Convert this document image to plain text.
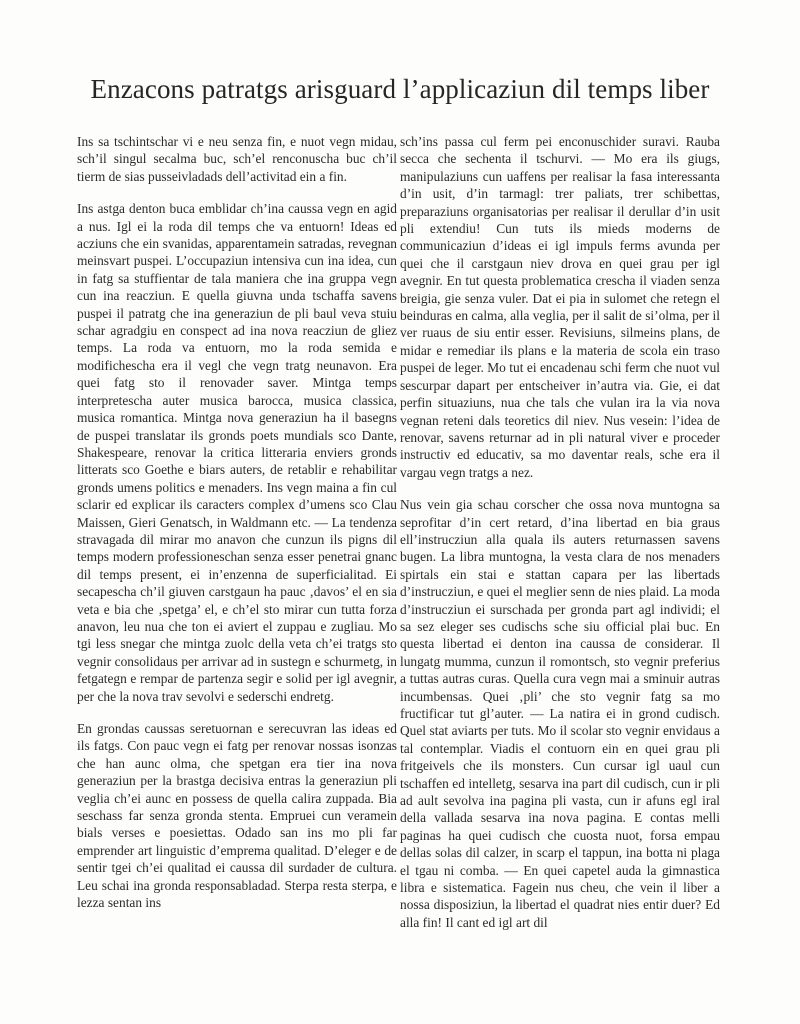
Enzacons patratgs arisguard l’applicaziun dil temps liber

Ins sa tschintschar vi e neu senza fin, e nuot vegn midau, sch’il singul secalma buc, sch’el renconuscha buc ch’il tierm de sias pusseivladads dell’activitad ein a fin.

Ins astga denton buca emblidar ch’ina caussa vegn en agid a nus. Igl ei la roda dil temps che va entuorn! Ideas ed acziuns che ein svanidas, apparentamein satradas, revegnan meinsvart puspei. L’occupaziun intensiva cun ina idea, cun in fatg sa stuffientar de tala maniera che ina gruppa vegn cun ina reacziun. E quella giuvna unda tschaffa savens puspei il patratg che ina generaziun de pli baul veva stuiu schar agradgiu en conspect ad ina nova reacziun de gliez temps. La roda va entuorn, mo la roda semida e modifichescha era il vegl che vegn tratg neunavon. Era quei fatg sto il renovader saver. Mintga temps interpretescha auter musica barocca, musica classica, musica romantica. Mintga nova generaziun ha il basegns de puspei translatar ils gronds poets mundials sco Dante, Shakespeare, renovar la critica litteraria enviers gronds litterats sco Goethe e biars auters, de retablir e rehabilitar gronds umens politics e menaders. Ins vegn maina a fin cul sclarir ed explicar ils caracters complex d’umens sco Clau Maissen, Gieri Genatsch, in Waldmann etc. — La tendenza stravagada dil mirar mo anavon che cunzun ils pigns dil temps modern professioneschan senza esser penetrai gnanc dil temps present, ei in’enzenna de superficialitad. Ei secapescha ch’il giuven carstgaun ha pauc ‚davos’ el en sia veta e bia che ‚spetga’ el, e ch’el sto mirar cun tutta forza anavon, leu nua che ton ei aviert el zuppau e zugliau. Mo tgi less snegar che mintga zuolc della veta ch’ei tratgs sto vegnir consolidaus per arrivar ad in sustegn e schurmetg, in fetgategn e rempar de partenza segir e solid per igl avegnir, per che la nova trav sevolvi e sederschi endretg.

En grondas caussas seretuornan e serecuvran las ideas ed ils fatgs. Con pauc vegn ei fatg per renovar nossas isonzas che han aunc olma, che spetgan era tier ina nova generaziun per la brastga decisiva entras la generaziun pli veglia ch’ei aunc en possess de quella calira zuppada. Bia seschass far senza gronda stenta. Empruei cun veramein bials verses e poesiettas. Odado san ins mo pli far emprender art linguistic d’emprema qualitad. D’eleger e de sentir tgei ch’ei qualitad ei caussa dil surdader de cultura. Leu schai ina gronda responsabladad. Sterpa resta sterpa, e lezza sentan ins

sch’ins passa cul ferm pei enconuschider suravi. Rauba secca che sechenta il tschurvi. — Mo era ils giugs, manipulaziuns cun uaffens per realisar la fasa interessanta d’in usit, d’in tarmagl: trer paliats, trer schibettas, preparaziuns organisatorias per realisar il derullar d’in usit pli extendiu! Cun tuts ils mieds moderns de communicaziun d’ideas ei igl impuls ferms avunda per quei che il carstgaun niev drova en quei grau per igl avegnir. En tut questa problematica crescha il viaden senza breigia, gie senza vuler. Dat ei pia in sulomet che retegn el beinduras en calma, alla veglia, per il salit de si’olma, per il ver ruaus de siu entir esser. Revisiuns, silmeins plans, de midar e remediar ils plans e la materia de scola ein traso puspei de leger. Mo tut ei encadenau schi ferm che nuot vul sescurpar dapart per entscheiver in’autra via. Gie, ei dat perfin situaziuns, nua che tals che vulan ira la via nova vegnan reteni dals teoretics dil niev. Nus vesein: l’idea de renovar, savens returnar ad in pli natural viver e proceder instructiv ed educativ, sa mo daventar reals, sche era il vargau vegn tratgs a nez.

Nus vein gia schau corscher che ossa nova muntogna sa seprofitar d’in cert retard, d’ina libertad en bia graus ell’instrucziun alla quala ils auters returnassen savens bugen. La libra muntogna, la vesta clara de nos menaders spirtals ein stai e stattan capara per las libertads d’instrucziun, e quei el meglier senn de nies plaid. La moda d’instrucziun ei surschada per gronda part agl individi; el sa sez eleger ses cudischs sche siu official plai buc. En questa libertad ei denton ina caussa de considerar. Il lungatg mumma, cunzun il romontsch, sto vegnir preferius a tuttas autras curas. Quella cura vegn mai a sminuir autras incumbensas. Quei ‚pli’ che sto vegnir fatg sa mo fructificar tut gl’auter. — La natira ei in grond cudisch. Quel stat aviarts per tuts. Mo il scolar sto vegnir envidaus a tal contemplar. Viadis el contuorn ein en quei grau pli fritgeivels che ils monsters. Cun cursar igl uaul cun tschaffen ed intelletg, sesarva ina part dil cudisch, cun ir pli ad ault sevolva ina pagina pli vasta, cun ir afuns egl iral della vallada sesarva ina nova pagina. E contas melli paginas ha quei cudisch che cuosta nuot, forsa empau dellas solas dil calzer, in scarp el tappun, ina botta ni plaga el tgau ni comba. — En quei capetel auda la gimnastica libra e sistematica. Fagein nus cheu, che vein il liber a nossa disposiziun, la libertad el quadrat nies entir duer? Ed alla fin! Il cant ed igl art dil
